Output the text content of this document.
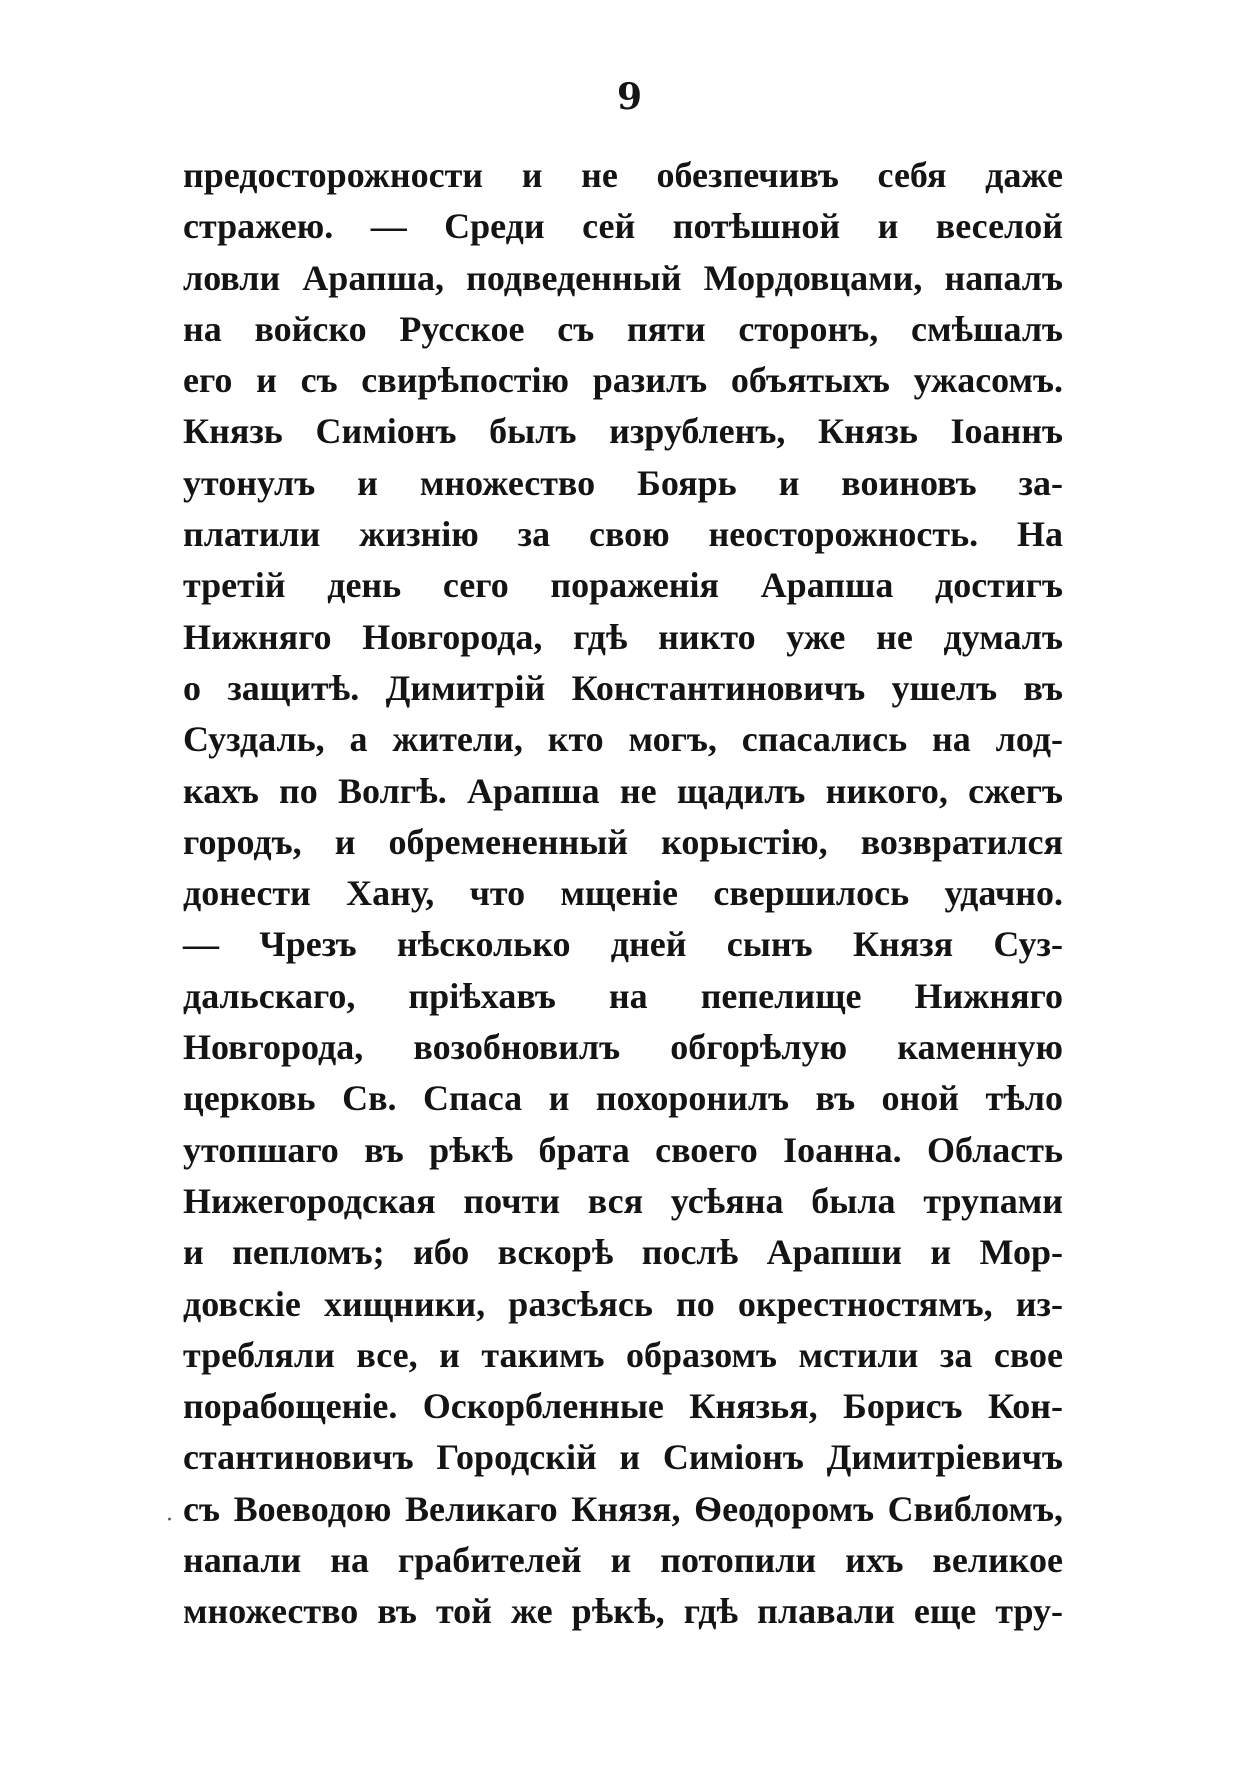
9
·
предосторожности и не обезпечивъ себя даже
стражею. — Среди сей потѣшной и веселой
ловли Арапша, подведенный Мордовцами, напалъ
на войско Русское съ пяти сторонъ, смѣшалъ
его и съ свирѣпостію разилъ объятыхъ ужасомъ.
Князь Симіонъ былъ изрубленъ, Князь Іоаннъ
утонулъ и множество Боярь и воиновъ за-
платили жизнію за свою неосторожность. На
третій день сего пораженія Арапша достигъ
Нижняго Новгорода, гдѣ никто уже не думалъ
о защитѣ. Димитрій Константиновичъ ушелъ въ
Суздаль, а жители, кто могъ, спасались на лод-
кахъ по Волгѣ. Арапша не щадилъ никого, сжегъ
городъ, и обремененный корыстію, возвратился
донести Хану, что мщеніе свершилось удачно.
— Чрезъ нѣсколько дней сынъ Князя Суз-
дальскаго, пріѣхавъ на пепелище Нижняго
Новгорода, возобновилъ обгорѣлую каменную
церковь Св. Спаса и похоронилъ въ оной тѣло
утопшаго въ рѣкѣ брата своего Іоанна. Область
Нижегородская почти вся усѣяна была трупами
и пепломъ; ибо вскорѣ послѣ Арапши и Мор-
довскіе хищники, разсѣясь по окрестностямъ, из-
требляли все, и такимъ образомъ мстили за свое
порабощеніе. Оскорбленные Князья, Борисъ Кон-
стантиновичъ Городскій и Симіонъ Димитріевичъ
съ Воеводою Великаго Князя, Ѳеодоромъ Свибломъ,
напали на грабителей и потопили ихъ великое
множество въ той же рѣкѣ, гдѣ плавали еще тру-
